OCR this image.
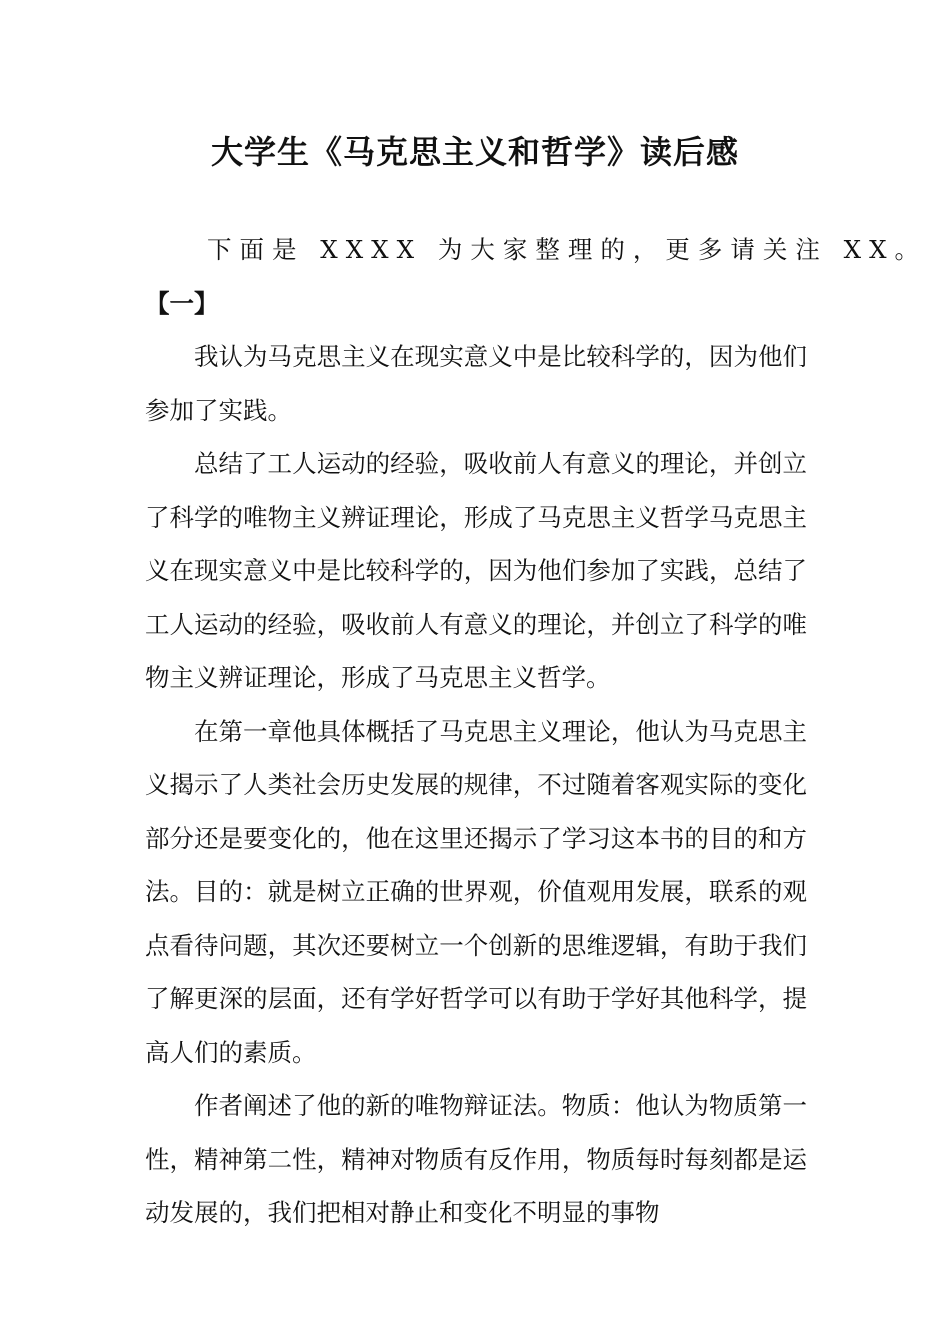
大学生《马克思主义和哲学》读后感

下面是 XXXX 为大家整理的，更多请关注 XX。

【一】

我认为马克思主义在现实意义中是比较科学的，因为他们参加了实践。

总结了工人运动的经验，吸收前人有意义的理论，并创立了科学的唯物主义辨证理论，形成了马克思主义哲学马克思主义在现实意义中是比较科学的，因为他们参加了实践，总结了工人运动的经验，吸收前人有意义的理论，并创立了科学的唯物主义辨证理论，形成了马克思主义哲学。

在第一章他具体概括了马克思主义理论，他认为马克思主义揭示了人类社会历史发展的规律，不过随着客观实际的变化部分还是要变化的，他在这里还揭示了学习这本书的目的和方法。目的：就是树立正确的世界观，价值观用发展，联系的观点看待问题，其次还要树立一个创新的思维逻辑，有助于我们了解更深的层面，还有学好哲学可以有助于学好其他科学，提高人们的素质。

作者阐述了他的新的唯物辩证法。物质：他认为物质第一性，精神第二性，精神对物质有反作用，物质每时每刻都是运动发展的，我们把相对静止和变化不明显的事物
